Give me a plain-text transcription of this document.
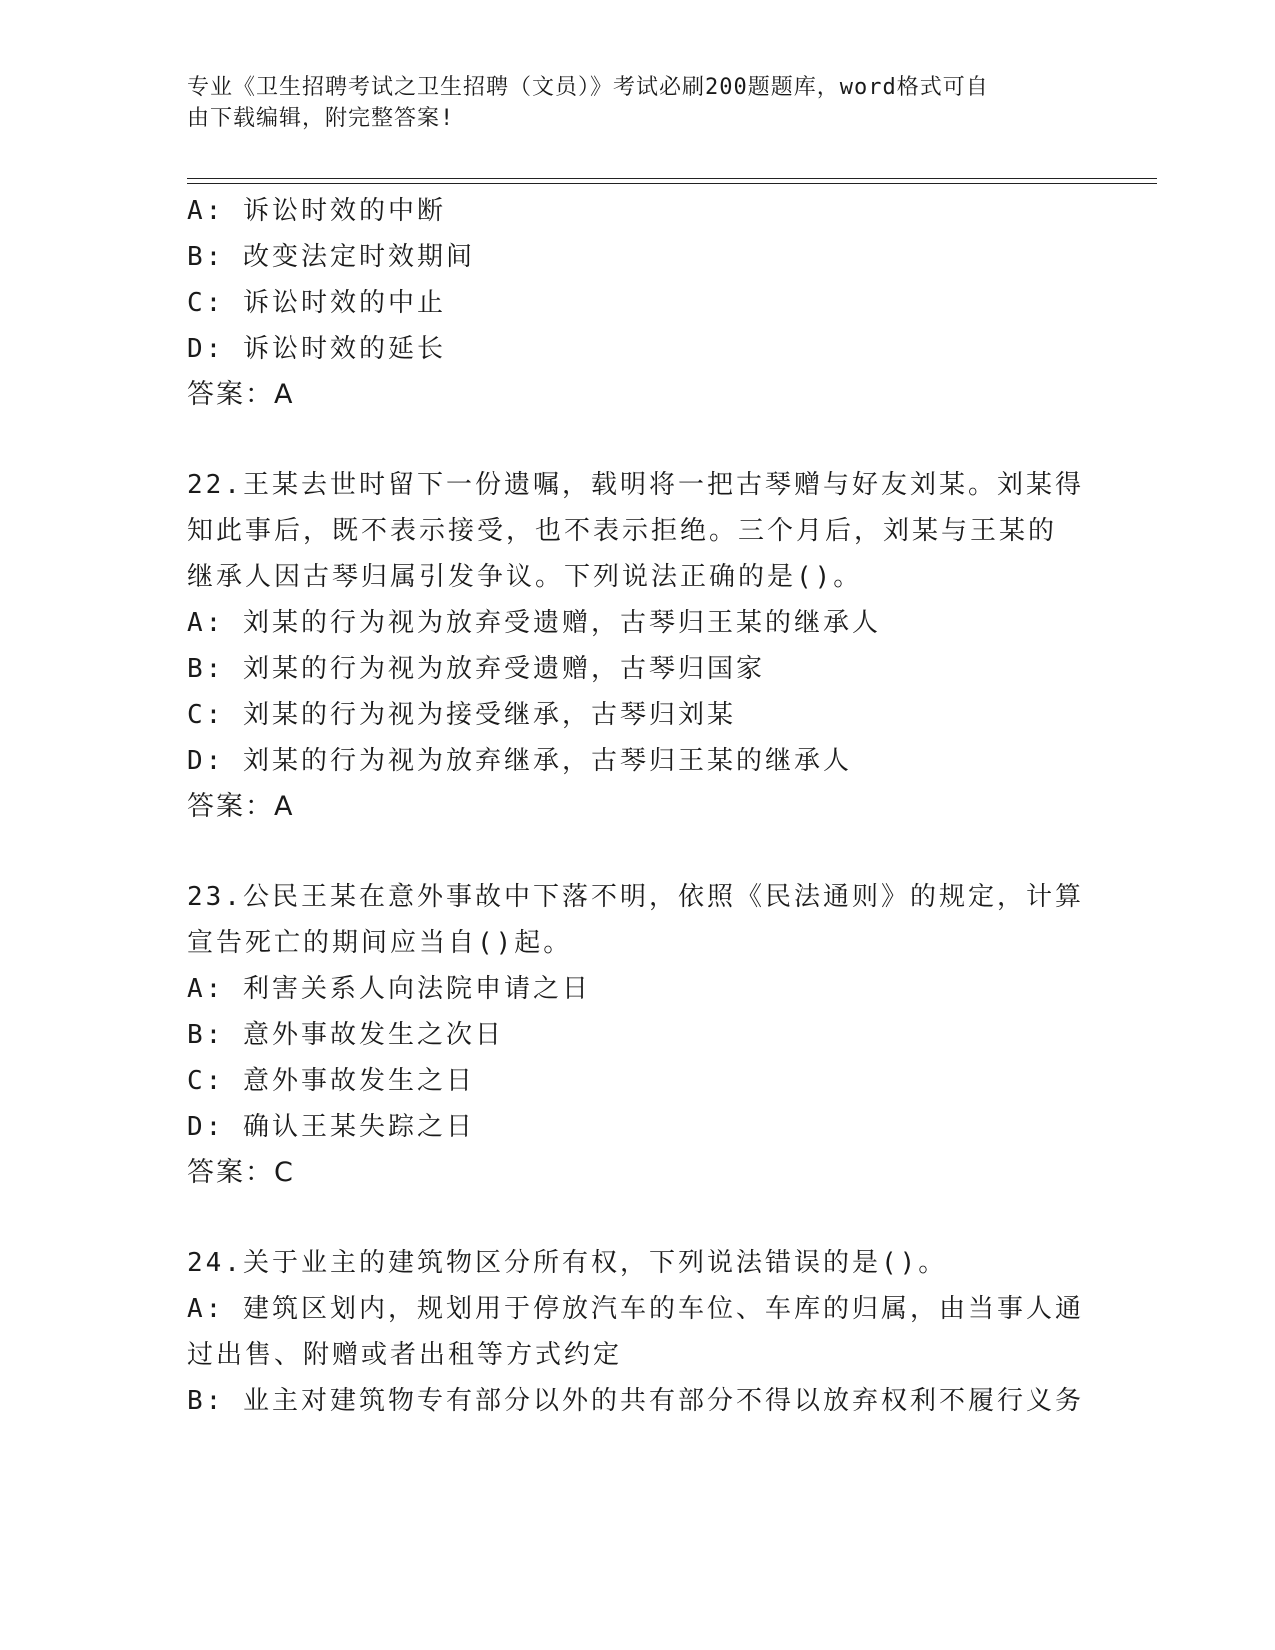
专业《卫生招聘考试之卫生招聘（文员）》考试必刷200题题库，word格式可自
由下载编辑，附完整答案!
A: 诉讼时效的中断
B: 改变法定时效期间
C: 诉讼时效的中止
D: 诉讼时效的延长
答案：A
22.王某去世时留下一份遗嘱，载明将一把古琴赠与好友刘某。刘某得
知此事后，既不表示接受，也不表示拒绝。三个月后，刘某与王某的
继承人因古琴归属引发争议。下列说法正确的是()。
A: 刘某的行为视为放弃受遗赠，古琴归王某的继承人
B: 刘某的行为视为放弃受遗赠，古琴归国家
C: 刘某的行为视为接受继承，古琴归刘某
D: 刘某的行为视为放弃继承，古琴归王某的继承人
答案：A
23.公民王某在意外事故中下落不明，依照《民法通则》的规定，计算
宣告死亡的期间应当自()起。
A: 利害关系人向法院申请之日
B: 意外事故发生之次日
C: 意外事故发生之日
D: 确认王某失踪之日
答案：C
24.关于业主的建筑物区分所有权，下列说法错误的是()。
A: 建筑区划内，规划用于停放汽车的车位、车库的归属，由当事人通
过出售、附赠或者出租等方式约定
B: 业主对建筑物专有部分以外的共有部分不得以放弃权利不履行义务
